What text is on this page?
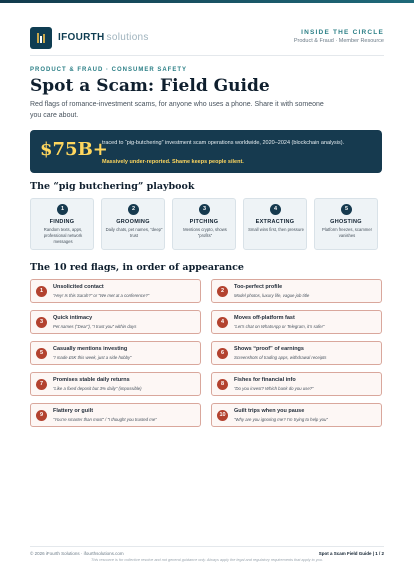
IFOURTH solutions	INSIDE THE CIRCLE
Product & Fraud · Member Resource
PRODUCT & FRAUD · CONSUMER SAFETY
Spot a Scam: Field Guide
Red flags of romance-investment scams, for anyone who uses a phone. Share it with someone you care about.
$75B+
traced to “pig-butchering” investment scam operations worldwide, 2020–2024 (blockchain analysis).
Massively under-reported. Shame keeps people silent.
The “pig butchering” playbook
1
FINDING
Random texts, apps, professional network messages
2
GROOMING
Daily chats, pet names, “deep” trust
3
PITCHING
Mentions crypto, shows “profits”
4
EXTRACTING
Small wins first, then pressure
5
GHOSTING
Platform freezes, scammer vanishes
The 10 red flags, in order of appearance
1
Unsolicited contact
“Hey! Is this Sarah?” or “We met at a conference?”
2
Too-perfect profile
Model photos, luxury life, vague job title
3
Quick intimacy
Pet names (“Dear”), “I trust you” within days
4
Moves off-platform fast
“Let’s chat on WhatsApp or Telegram, it’s safer”
5
Casually mentions investing
“I made £5K this week, just a side hobby”
6
Shows “proof” of earnings
Screenshots of trading apps, withdrawal receipts
7
Promises stable daily returns
“Like a fixed deposit but 3% daily” (impossible)
8
Fishes for financial info
“Do you invest? Which bank do you use?”
9
Flattery or guilt
“You’re smarter than most” / “I thought you trusted me”
10
Guilt trips when you pause
“Why are you ignoring me? I’m trying to help you”
© 2026 iFourth Solutions · ifourthsolutions.com	Spot a Scam Field Guide | 1 / 2
This resource is for collective resolve and not general guidance only. Always apply the legal and regulatory requirements that apply to you.
